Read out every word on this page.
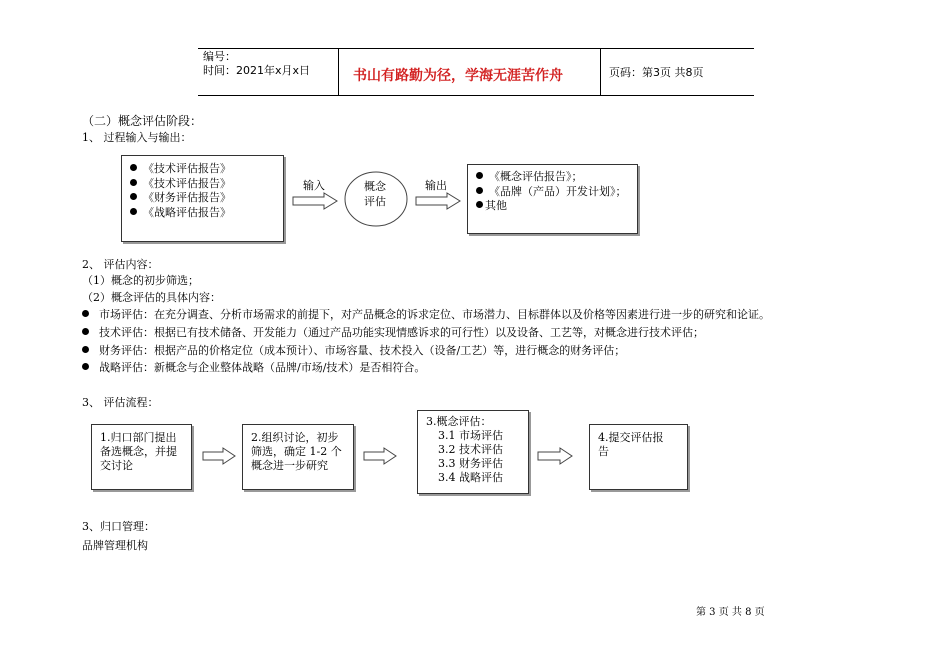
编号：
时间：2021年x月x日	书山有路勤为径，学海无涯苦作舟	页码：第3页 共8页
（二）概念评估阶段：
1、 过程输入与输出：
《技术评估报告》
《技术评估报告》
《财务评估报告》
《战略评估报告》
输入	概念
评估
输出
《概念评估报告》；
《品牌（产品）开发计划》；
其他
2、 评估内容：
（1）概念的初步筛选；
（2）概念评估的具体内容：
市场评估：在充分调查、分析市场需求的前提下，对产品概念的诉求定位、市场潜力、目标群体以及价格等因素进行进一步的研究和论证。
技术评估：根据已有技术储备、开发能力（通过产品功能实现情感诉求的可行性）以及设备、工艺等，对概念进行技术评估；
财务评估：根据产品的价格定位（成本预计）、市场容量、技术投入（设备/工艺）等，进行概念的财务评估；
战略评估：新概念与企业整体战略（品牌/市场/技术）是否相符合。
3、 评估流程：
1.归口部门提出
备选概念，并提
交讨论
2.组织讨论，初步
筛选，确定 1-2 个
概念进一步研究
3.概念评估：
3.1 市场评估
3.2 技术评估
3.3 财务评估
3.4 战略评估
4.提交评估报
告
3、归口管理：
品牌管理机构
第 3 页 共 8 页
